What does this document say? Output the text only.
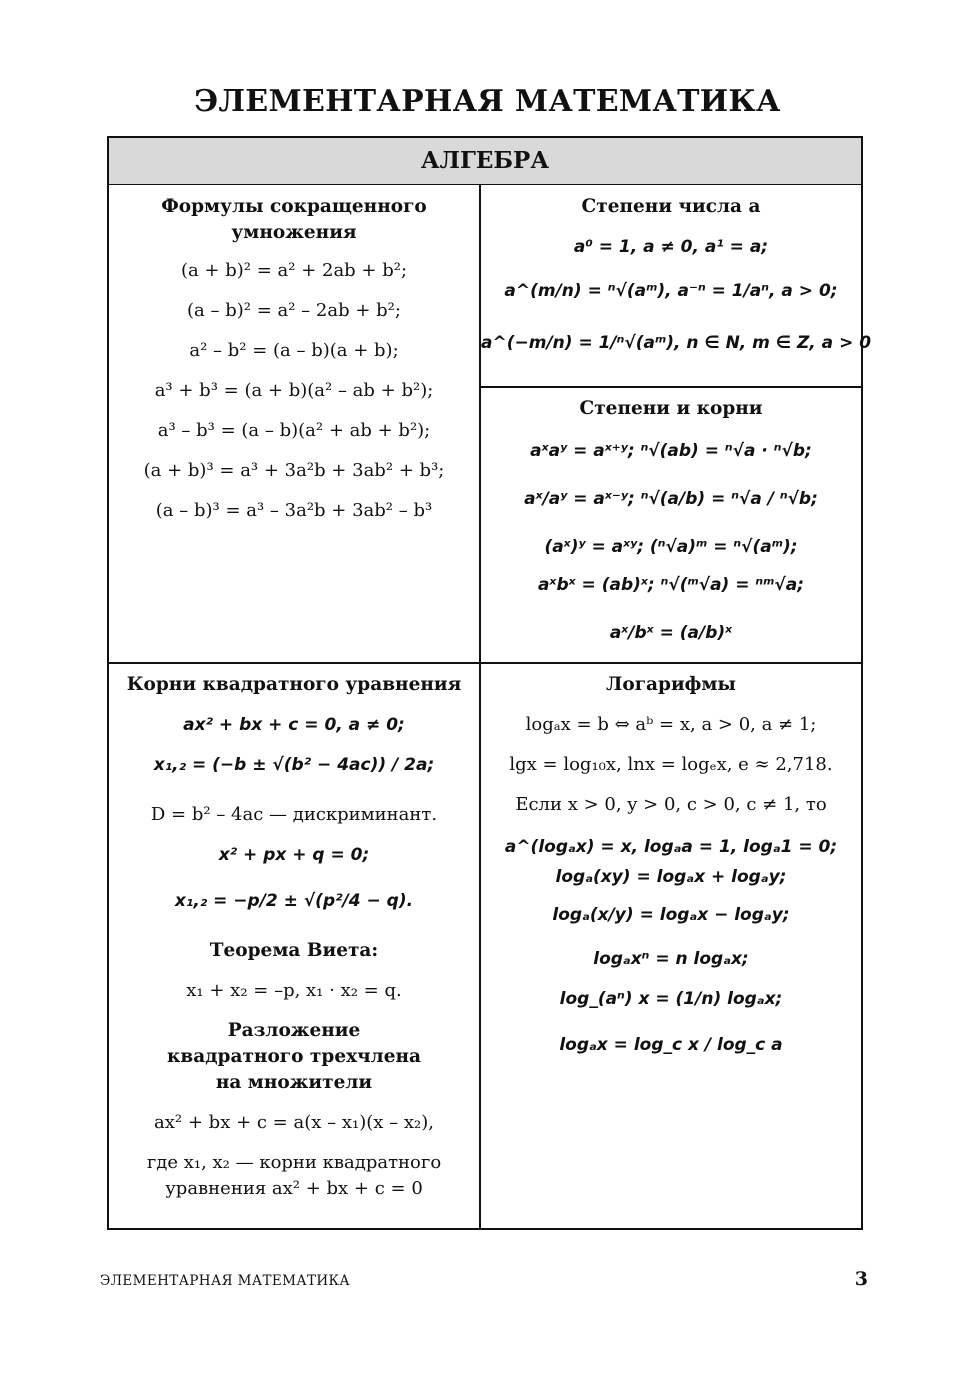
ЭЛЕМЕНТАРНАЯ МАТЕМАТИКА
АЛГЕБРА
Формулы сокращенного умножения
(a + b)² = a² + 2ab + b²;
(a – b)² = a² – 2ab + b²;
a² – b² = (a – b)(a + b);
a³ + b³ = (a + b)(a² – ab + b²);
a³ – b³ = (a – b)(a² + ab + b²);
(a + b)³ = a³ + 3a²b + 3ab² + b³;
(a – b)³ = a³ – 3a²b + 3ab² – b³
Степени числа a
a⁰ = 1, a ≠ 0, a¹ = a;
a^(m/n) = ⁿ√(aᵐ), a⁻ⁿ = 1/aⁿ, a > 0;
a^(−m/n) = 1/ⁿ√(aᵐ), n ∈ N, m ∈ Z, a > 0
Степени и корни
aˣaʸ = aˣ⁺ʸ; ⁿ√(ab) = ⁿ√a · ⁿ√b;
aˣ/aʸ = aˣ⁻ʸ; ⁿ√(a/b) = ⁿ√a / ⁿ√b;
(aˣ)ʸ = aˣʸ; (ⁿ√a)ᵐ = ⁿ√(aᵐ);
aˣbˣ = (ab)ˣ; ⁿ√(ᵐ√a) = ⁿᵐ√a;
aˣ/bˣ = (a/b)ˣ
Корни квадратного уравнения
ax² + bx + c = 0, a ≠ 0;
x₁,₂ = (−b ± √(b² − 4ac)) / 2a;
D = b² – 4ac — дискриминант.
x² + px + q = 0;
x₁,₂ = −p/2 ± √(p²/4 − q).
Теорема Виета:
x₁ + x₂ = –p, x₁ · x₂ = q.
Разложение
квадратного трехчлена
на множители
ax² + bx + c = a(x – x₁)(x – x₂),
где x₁, x₂ — корни квадратного
уравнения ax² + bx + c = 0
Логарифмы
logₐx = b ⇔ aᵇ = x, a > 0, a ≠ 1;
lgx = log₁₀x, lnx = logₑx, e ≈ 2,718.
Если x > 0, y > 0, c > 0, c ≠ 1, то
a^(logₐx) = x, logₐa = 1, logₐ1 = 0;
logₐ(xy) = logₐx + logₐy;
logₐ(x/y) = logₐx − logₐy;
logₐxⁿ = n logₐx;
log_(aⁿ) x = (1/n) logₐx;
logₐx = log_c x / log_c a
ЭЛЕМЕНТАРНАЯ МАТЕМАТИКА	3
